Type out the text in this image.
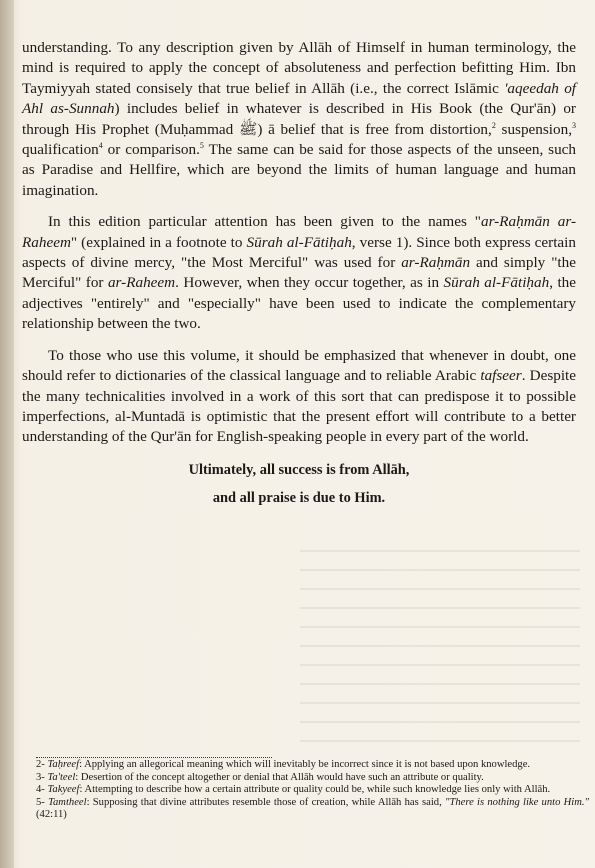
understanding. To any description given by Allāh of Himself in human terminology, the mind is required to apply the concept of absoluteness and perfection befitting Him. Ibn Taymiyyah stated consisely that true belief in Allāh (i.e., the correct Islāmic 'aqeedah of Ahl as-Sunnah) includes belief in whatever is described in His Book (the Qur'ān) or through His Prophet (Muḥammad ﷺ) ā belief that is free from distortion,$^2$ suspension,$^3$ qualification$^4$ or comparison.$^5$ The same can be said for those aspects of the unseen, such as Paradise and Hellfire, which are beyond the limits of human language and human imagination.

In this edition particular attention has been given to the names "ar-Raḥmān ar-Raheem" (explained in a footnote to Sūrah al-Fātiḥah, verse 1). Since both express certain aspects of divine mercy, "the Most Merciful" was used for ar-Raḥmān and simply "the Merciful" for ar-Raheem. However, when they occur together, as in Sūrah al-Fātiḥah, the adjectives "entirely" and "especially" have been used to indicate the complementary relationship between the two.

To those who use this volume, it should be emphasized that whenever in doubt, one should refer to dictionaries of the classical language and to reliable Arabic tafseer. Despite the many technicalities involved in a work of this sort that can predispose it to possible imperfections, al-Muntadā is optimistic that the present effort will contribute to a better understanding of the Qur'ān for English-speaking people in every part of the world.

Ultimately, all success is from Allāh,
and all praise is due to Him.

2- Taḥreef: Applying an allegorical meaning which will inevitably be incorrect since it is not based upon knowledge.

3- Ta'teel: Desertion of the concept altogether or denial that Allāh would have such an attribute or quality.

4- Takyeef: Attempting to describe how a certain attribute or quality could be, while such knowledge lies only with Allāh.

5- Tamtheel: Supposing that divine attributes resemble those of creation, while Allāh has said, "There is nothing like unto Him." (42:11)
